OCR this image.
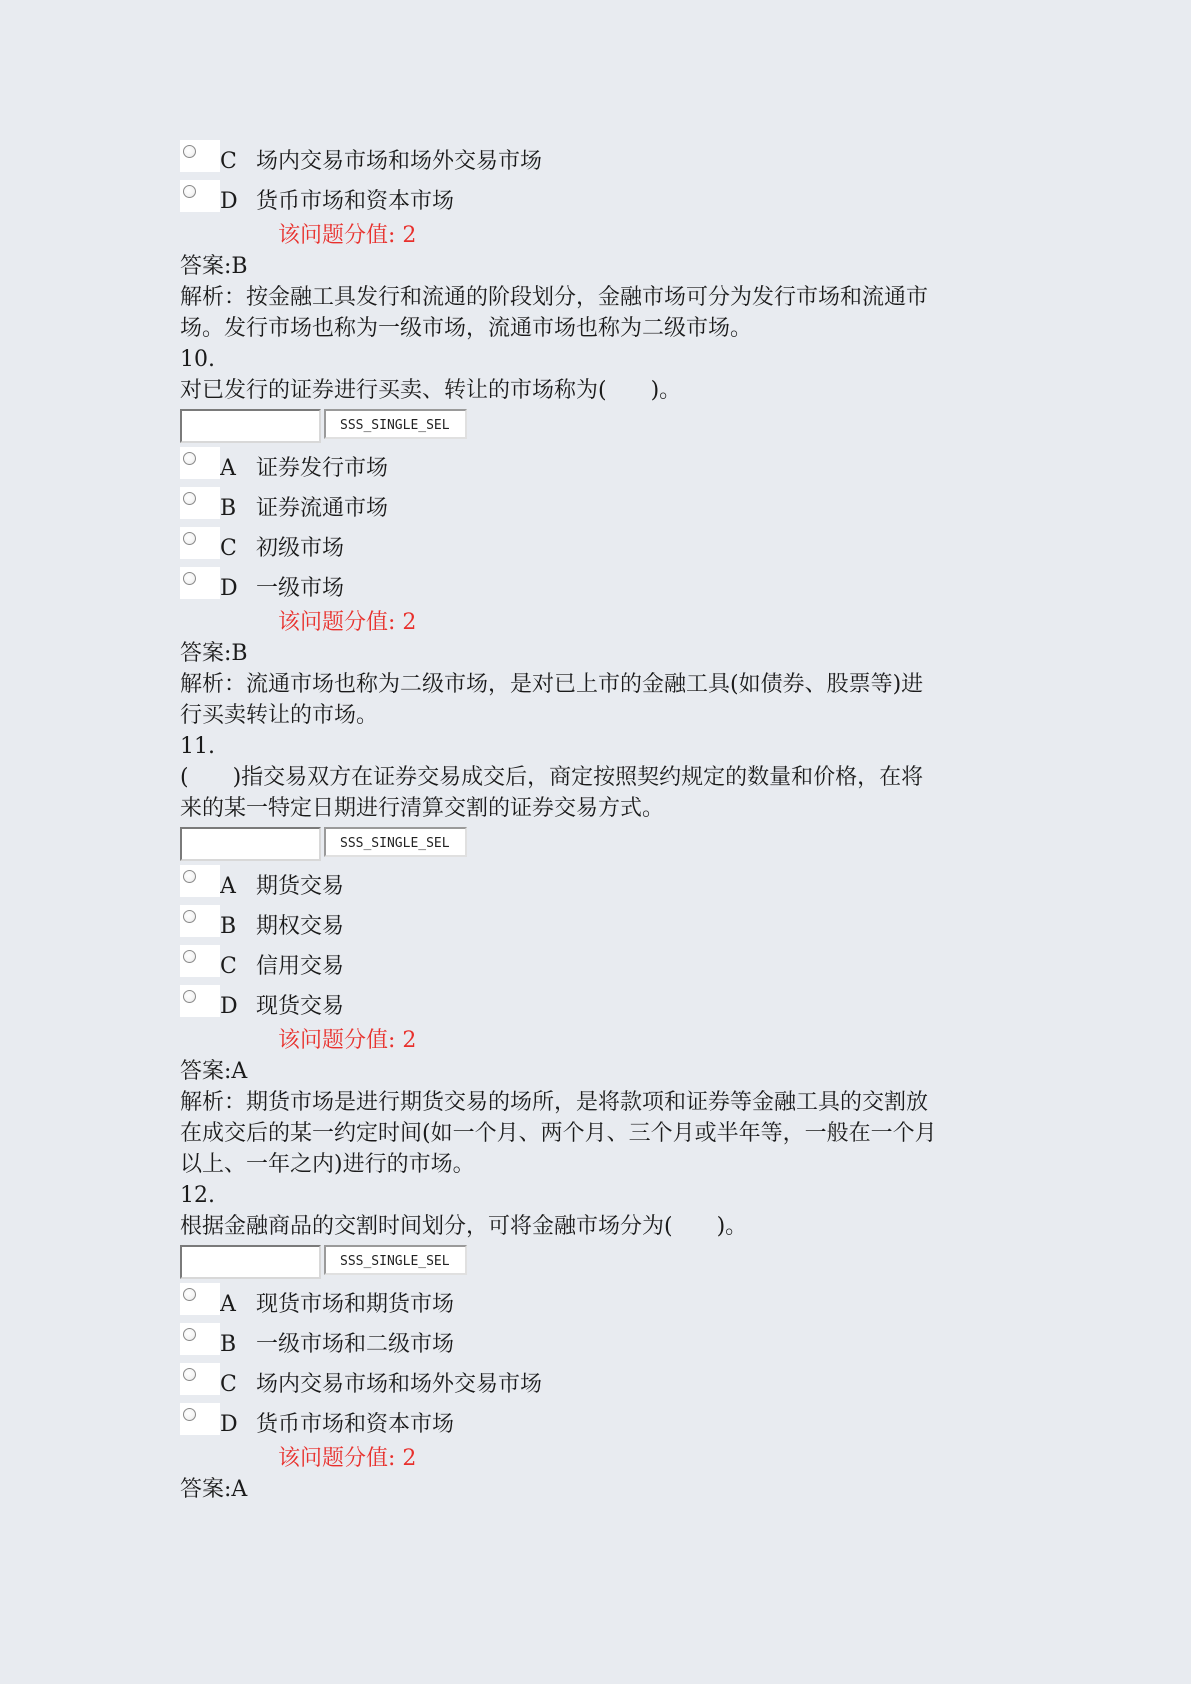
C 场内交易市场和场外交易市场
D 货币市场和资本市场
该问题分值: 2
答案:B
解析：按金融工具发行和流通的阶段划分，金融市场可分为发行市场和流通市
场。发行市场也称为一级市场，流通市场也称为二级市场。
10.
对已发行的证券进行买卖、转让的市场称为(　　)。
SSS_SINGLE_SEL
A 证券发行市场
B 证券流通市场
C 初级市场
D 一级市场
该问题分值: 2
答案:B
解析：流通市场也称为二级市场，是对已上市的金融工具(如债券、股票等)进
行买卖转让的市场。
11.
(　　)指交易双方在证券交易成交后，商定按照契约规定的数量和价格，在将
来的某一特定日期进行清算交割的证券交易方式。
SSS_SINGLE_SEL
A 期货交易
B 期权交易
C 信用交易
D 现货交易
该问题分值: 2
答案:A
解析：期货市场是进行期货交易的场所，是将款项和证券等金融工具的交割放
在成交后的某一约定时间(如一个月、两个月、三个月或半年等，一般在一个月
以上、一年之内)进行的市场。
12.
根据金融商品的交割时间划分，可将金融市场分为(　　)。
SSS_SINGLE_SEL
A 现货市场和期货市场
B 一级市场和二级市场
C 场内交易市场和场外交易市场
D 货币市场和资本市场
该问题分值: 2
答案:A
